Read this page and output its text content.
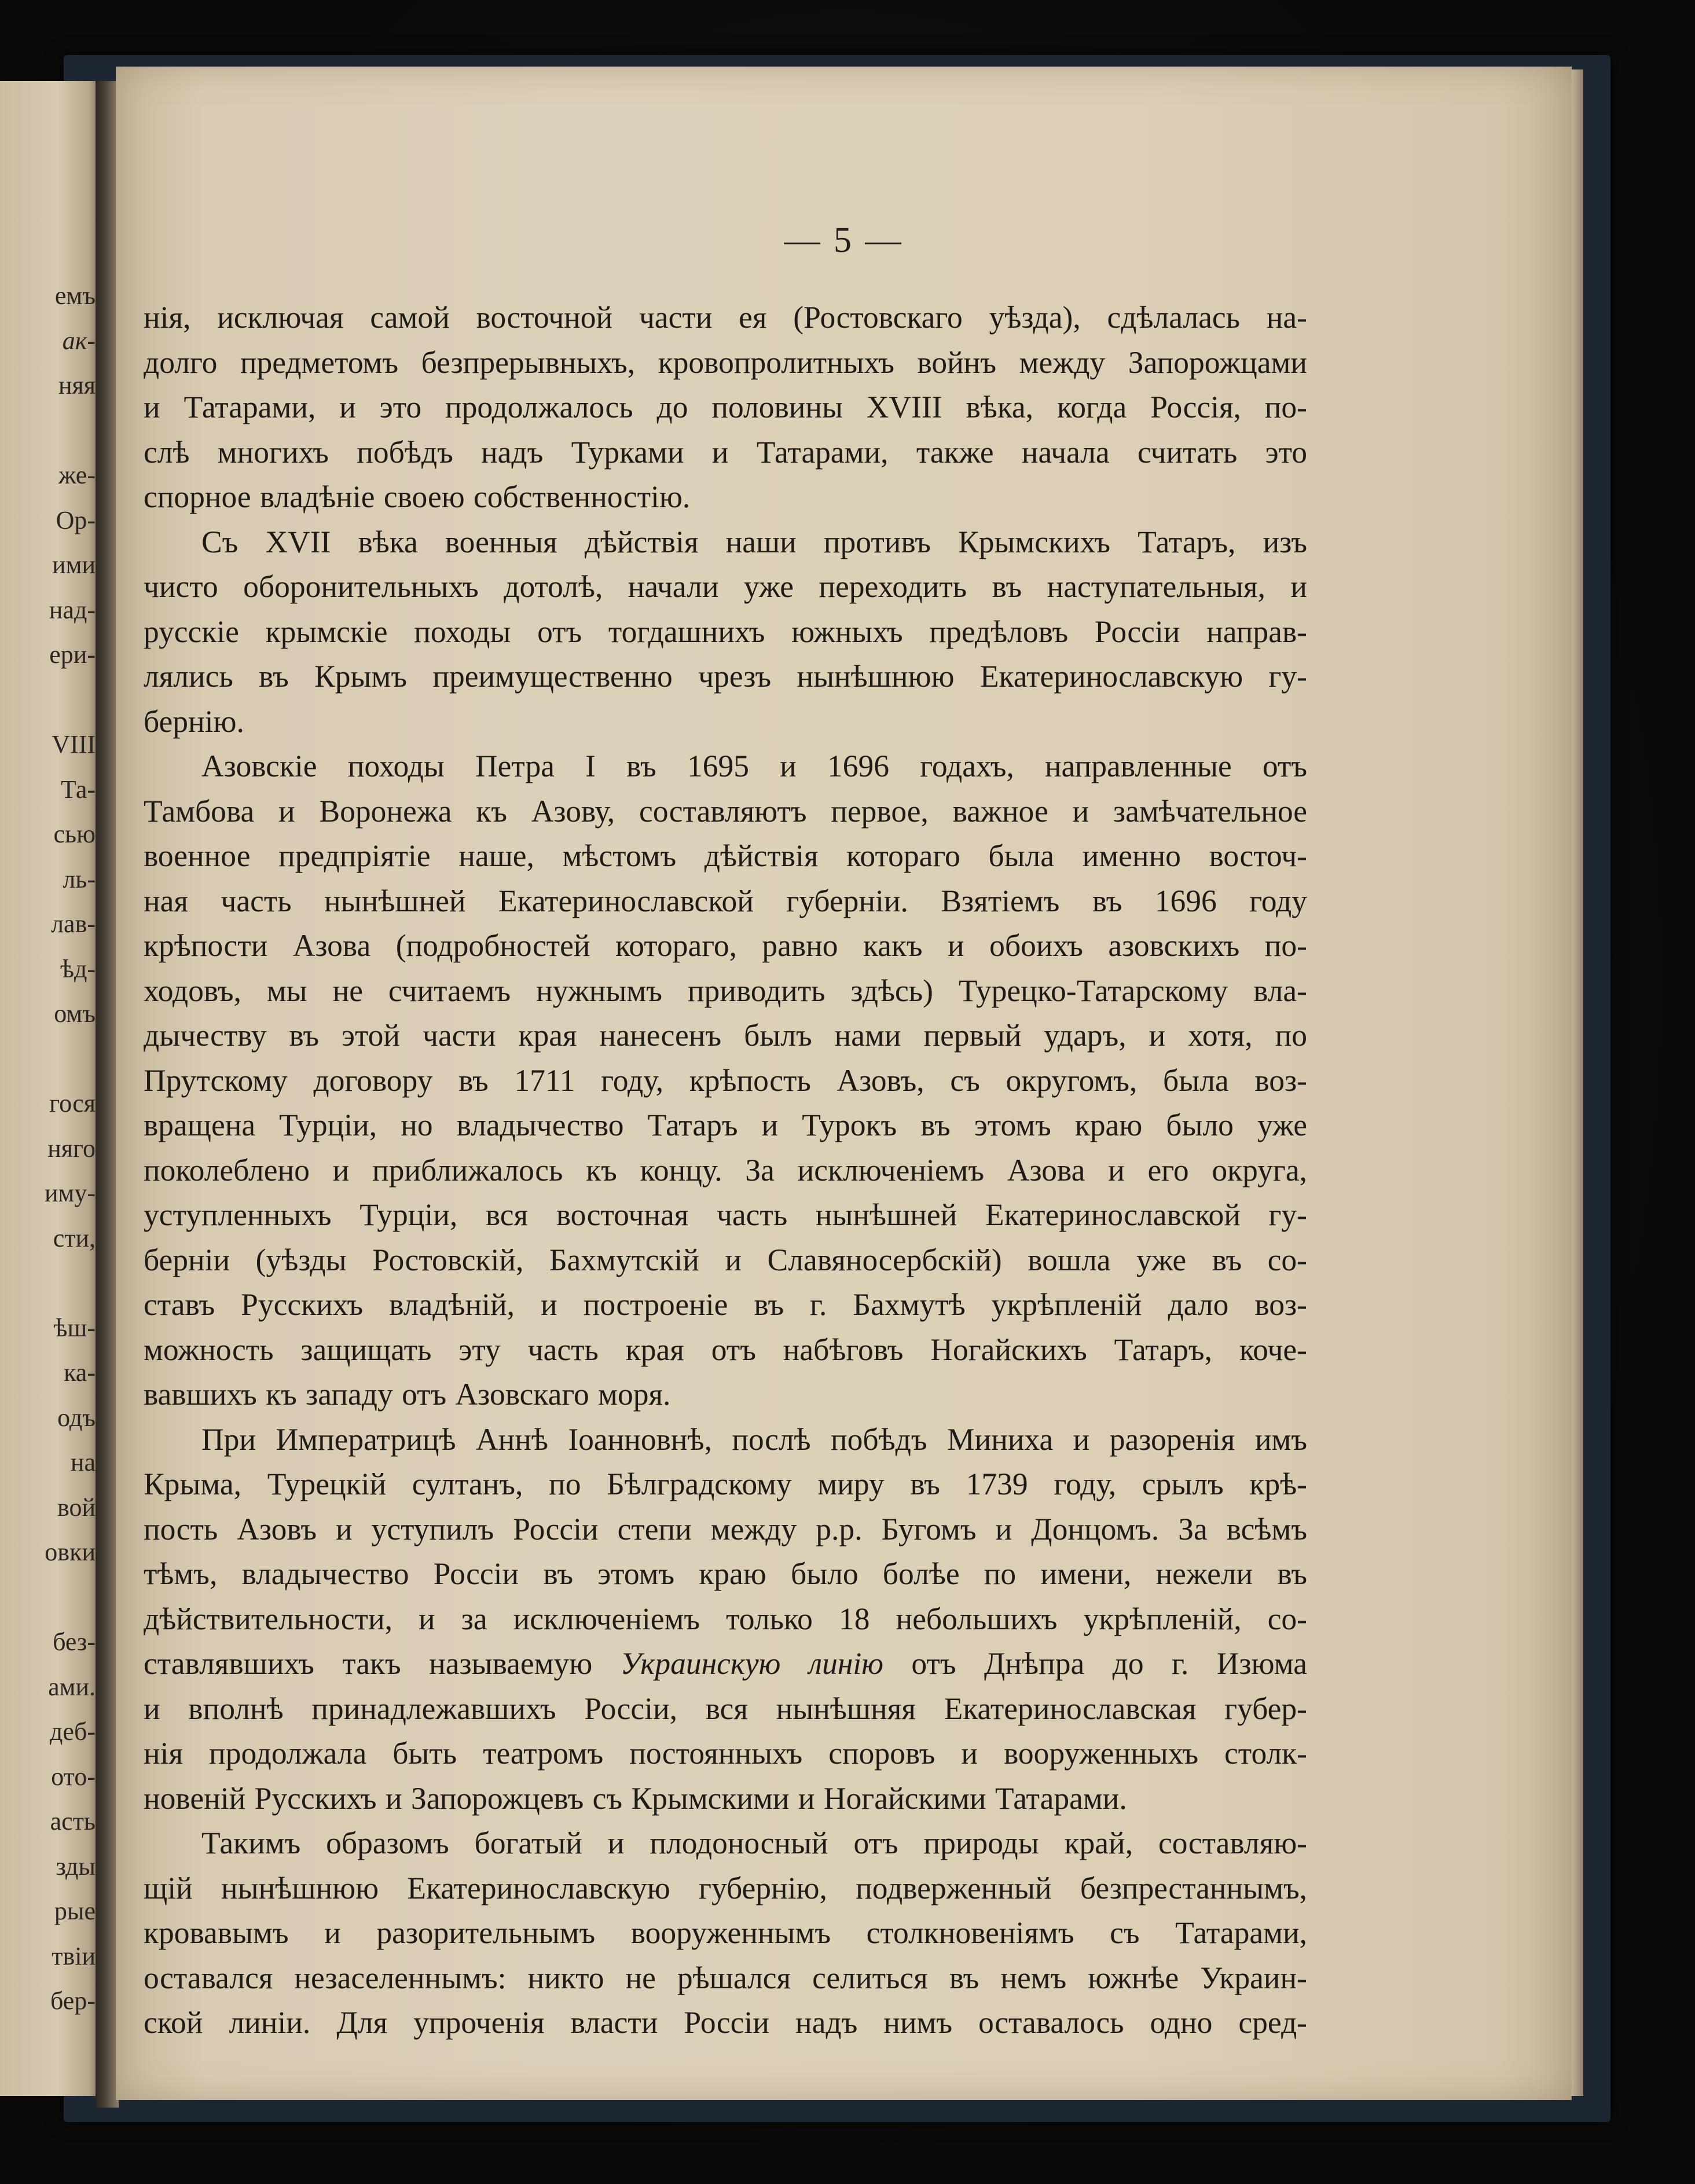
емъ
ак-
няя
же-
Ор-
ими
над-
ери-
VIII
Та-
сью
ль-
лав-
ѣд-
омъ
гося
няго
иму-
сти,
ѣш-
ка-
одъ
на
вой
овки
без-
ами.
деб-
ото-
асть
зды
рые
твіи
бер-
— 5 —
нія, исключая самой восточной части ея (Ростовскаго уѣзда), сдѣлалась на-
долго предметомъ безпрерывныхъ, кровопролитныхъ войнъ между Запорожцами
и Татарами, и это продолжалось до половины XVIII вѣка, когда Россія, по-
слѣ многихъ побѣдъ надъ Турками и Татарами, также начала считать это
спорное владѣніе своею собственностію.
Съ XVII вѣка военныя дѣйствія наши противъ Крымскихъ Татаръ, изъ
чисто оборонительныхъ дотолѣ, начали уже переходить въ наступательныя, и
русскіе крымскіе походы отъ тогдашнихъ южныхъ предѣловъ Россіи направ-
лялись въ Крымъ преимущественно чрезъ нынѣшнюю Екатеринославскую гу-
бернію.
Азовскіе походы Петра I въ 1695 и 1696 годахъ, направленные отъ
Тамбова и Воронежа къ Азову, составляютъ первое, важное и замѣчательное
военное предпріятіе наше, мѣстомъ дѣйствія котораго была именно восточ-
ная часть нынѣшней Екатеринославской губерніи. Взятіемъ въ 1696 году
крѣпости Азова (подробностей котораго, равно какъ и обоихъ азовскихъ по-
ходовъ, мы не считаемъ нужнымъ приводить здѣсь) Турецко-Татарскому вла-
дычеству въ этой части края нанесенъ былъ нами первый ударъ, и хотя, по
Прутскому договору въ 1711 году, крѣпость Азовъ, съ округомъ, была воз-
вращена Турціи, но владычество Татаръ и Турокъ въ этомъ краю было уже
поколеблено и приближалось къ концу. За исключеніемъ Азова и его округа,
уступленныхъ Турціи, вся восточная часть нынѣшней Екатеринославской гу-
берніи (уѣзды Ростовскій, Бахмутскій и Славяносербскій) вошла уже въ со-
ставъ Русскихъ владѣній, и построеніе въ г. Бахмутѣ укрѣпленій дало воз-
можность защищать эту часть края отъ набѣговъ Ногайскихъ Татаръ, коче-
вавшихъ къ западу отъ Азовскаго моря.
При Императрицѣ Аннѣ Іоанновнѣ, послѣ побѣдъ Миниха и разоренія имъ
Крыма, Турецкій султанъ, по Бѣлградскому миру въ 1739 году, срылъ крѣ-
пость Азовъ и уступилъ Россіи степи между р.р. Бугомъ и Донцомъ. За всѣмъ
тѣмъ, владычество Россіи въ этомъ краю было болѣе по имени, нежели въ
дѣйствительности, и за исключеніемъ только 18 небольшихъ укрѣпленій, со-
ставлявшихъ такъ называемую Украинскую линію отъ Днѣпра до г. Изюма
и вполнѣ принадлежавшихъ Россіи, вся нынѣшняя Екатеринославская губер-
нія продолжала быть театромъ постоянныхъ споровъ и вооруженныхъ столк-
новеній Русскихъ и Запорожцевъ съ Крымскими и Ногайскими Татарами.
Такимъ образомъ богатый и плодоносный отъ природы край, составляю-
щій нынѣшнюю Екатеринославскую губернію, подверженный безпрестаннымъ,
кровавымъ и разорительнымъ вооруженнымъ столкновеніямъ съ Татарами,
оставался незаселеннымъ: никто не рѣшался селиться въ немъ южнѣе Украин-
ской линіи. Для упроченія власти Россіи надъ нимъ оставалось одно сред-
